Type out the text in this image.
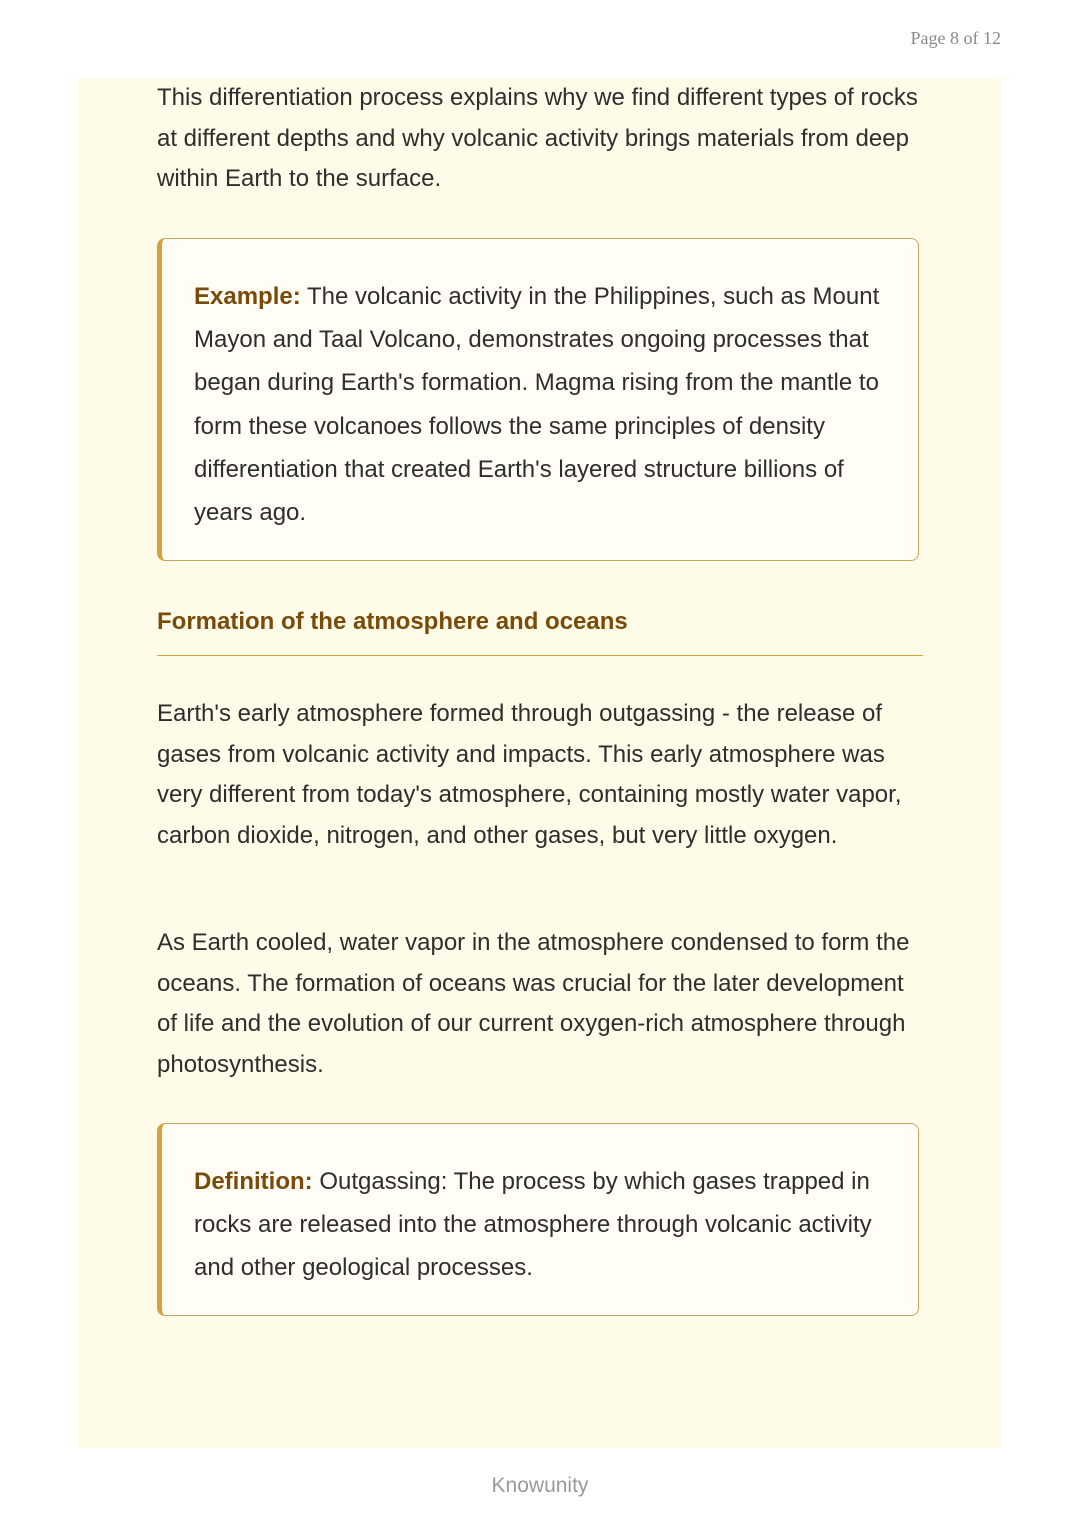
Page 8 of 12

This differentiation process explains why we find different types of rocks at different depths and why volcanic activity brings materials from deep within Earth to the surface.

Example: The volcanic activity in the Philippines, such as Mount Mayon and Taal Volcano, demonstrates ongoing processes that began during Earth's formation. Magma rising from the mantle to form these volcanoes follows the same principles of density differentiation that created Earth's layered structure billions of years ago.

Formation of the atmosphere and oceans

Earth's early atmosphere formed through outgassing - the release of gases from volcanic activity and impacts. This early atmosphere was very different from today's atmosphere, containing mostly water vapor, carbon dioxide, nitrogen, and other gases, but very little oxygen.

As Earth cooled, water vapor in the atmosphere condensed to form the oceans. The formation of oceans was crucial for the later development of life and the evolution of our current oxygen-rich atmosphere through photosynthesis.

Definition: Outgassing: The process by which gases trapped in rocks are released into the atmosphere through volcanic activity and other geological processes.

Knowunity
